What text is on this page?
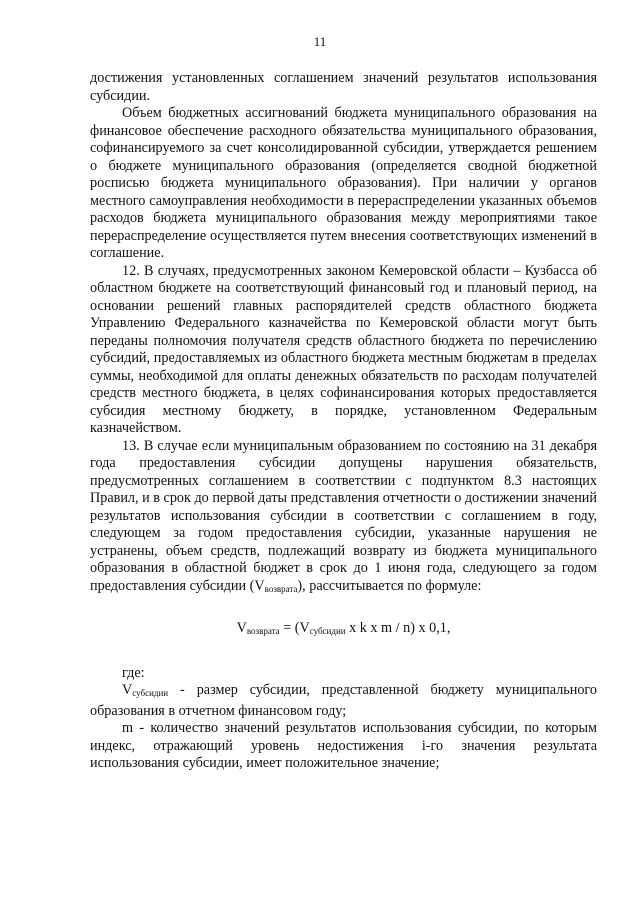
11

достижения установленных соглашением значений результатов использования субсидии.

Объем бюджетных ассигнований бюджета муниципального образования на финансовое обеспечение расходного обязательства муниципального образования, софинансируемого за счет консолидированной субсидии, утверждается решением о бюджете муниципального образования (определяется сводной бюджетной росписью бюджета муниципального образования). При наличии у органов местного самоуправления необходимости в перераспределении указанных объемов расходов бюджета муниципального образования между мероприятиями такое перераспределение осуществляется путем внесения соответствующих изменений в соглашение.

12. В случаях, предусмотренных законом Кемеровской области – Кузбасса об областном бюджете на соответствующий финансовый год и плановый период, на основании решений главных распорядителей средств областного бюджета Управлению Федерального казначейства по Кемеровской области могут быть переданы полномочия получателя средств областного бюджета по перечислению субсидий, предоставляемых из областного бюджета местным бюджетам в пределах суммы, необходимой для оплаты денежных обязательств по расходам получателей средств местного бюджета, в целях софинансирования которых предоставляется субсидия местному бюджету, в порядке, установленном Федеральным казначейством.

13. В случае если муниципальным образованием по состоянию на 31 декабря года предоставления субсидии допущены нарушения обязательств, предусмотренных соглашением в соответствии с подпунктом 8.3 настоящих Правил, и в срок до первой даты представления отчетности о достижении значений результатов использования субсидии в соответствии с соглашением в году, следующем за годом предоставления субсидии, указанные нарушения не устранены, объем средств, подлежащий возврату из бюджета муниципального образования в областной бюджет в срок до 1 июня года, следующего за годом предоставления субсидии $(V_{возврата})$, рассчитывается по формуле:

$V_{возврата} = (V_{субсидии}$ х k х m / n) х 0,1,

где:

$V_{субсидии}$ - размер субсидии, представленной бюджету муниципального образования в отчетном финансовом году;

m - количество значений результатов использования субсидии, по которым индекс, отражающий уровень недостижения i-го значения результата использования субсидии, имеет положительное значение;
